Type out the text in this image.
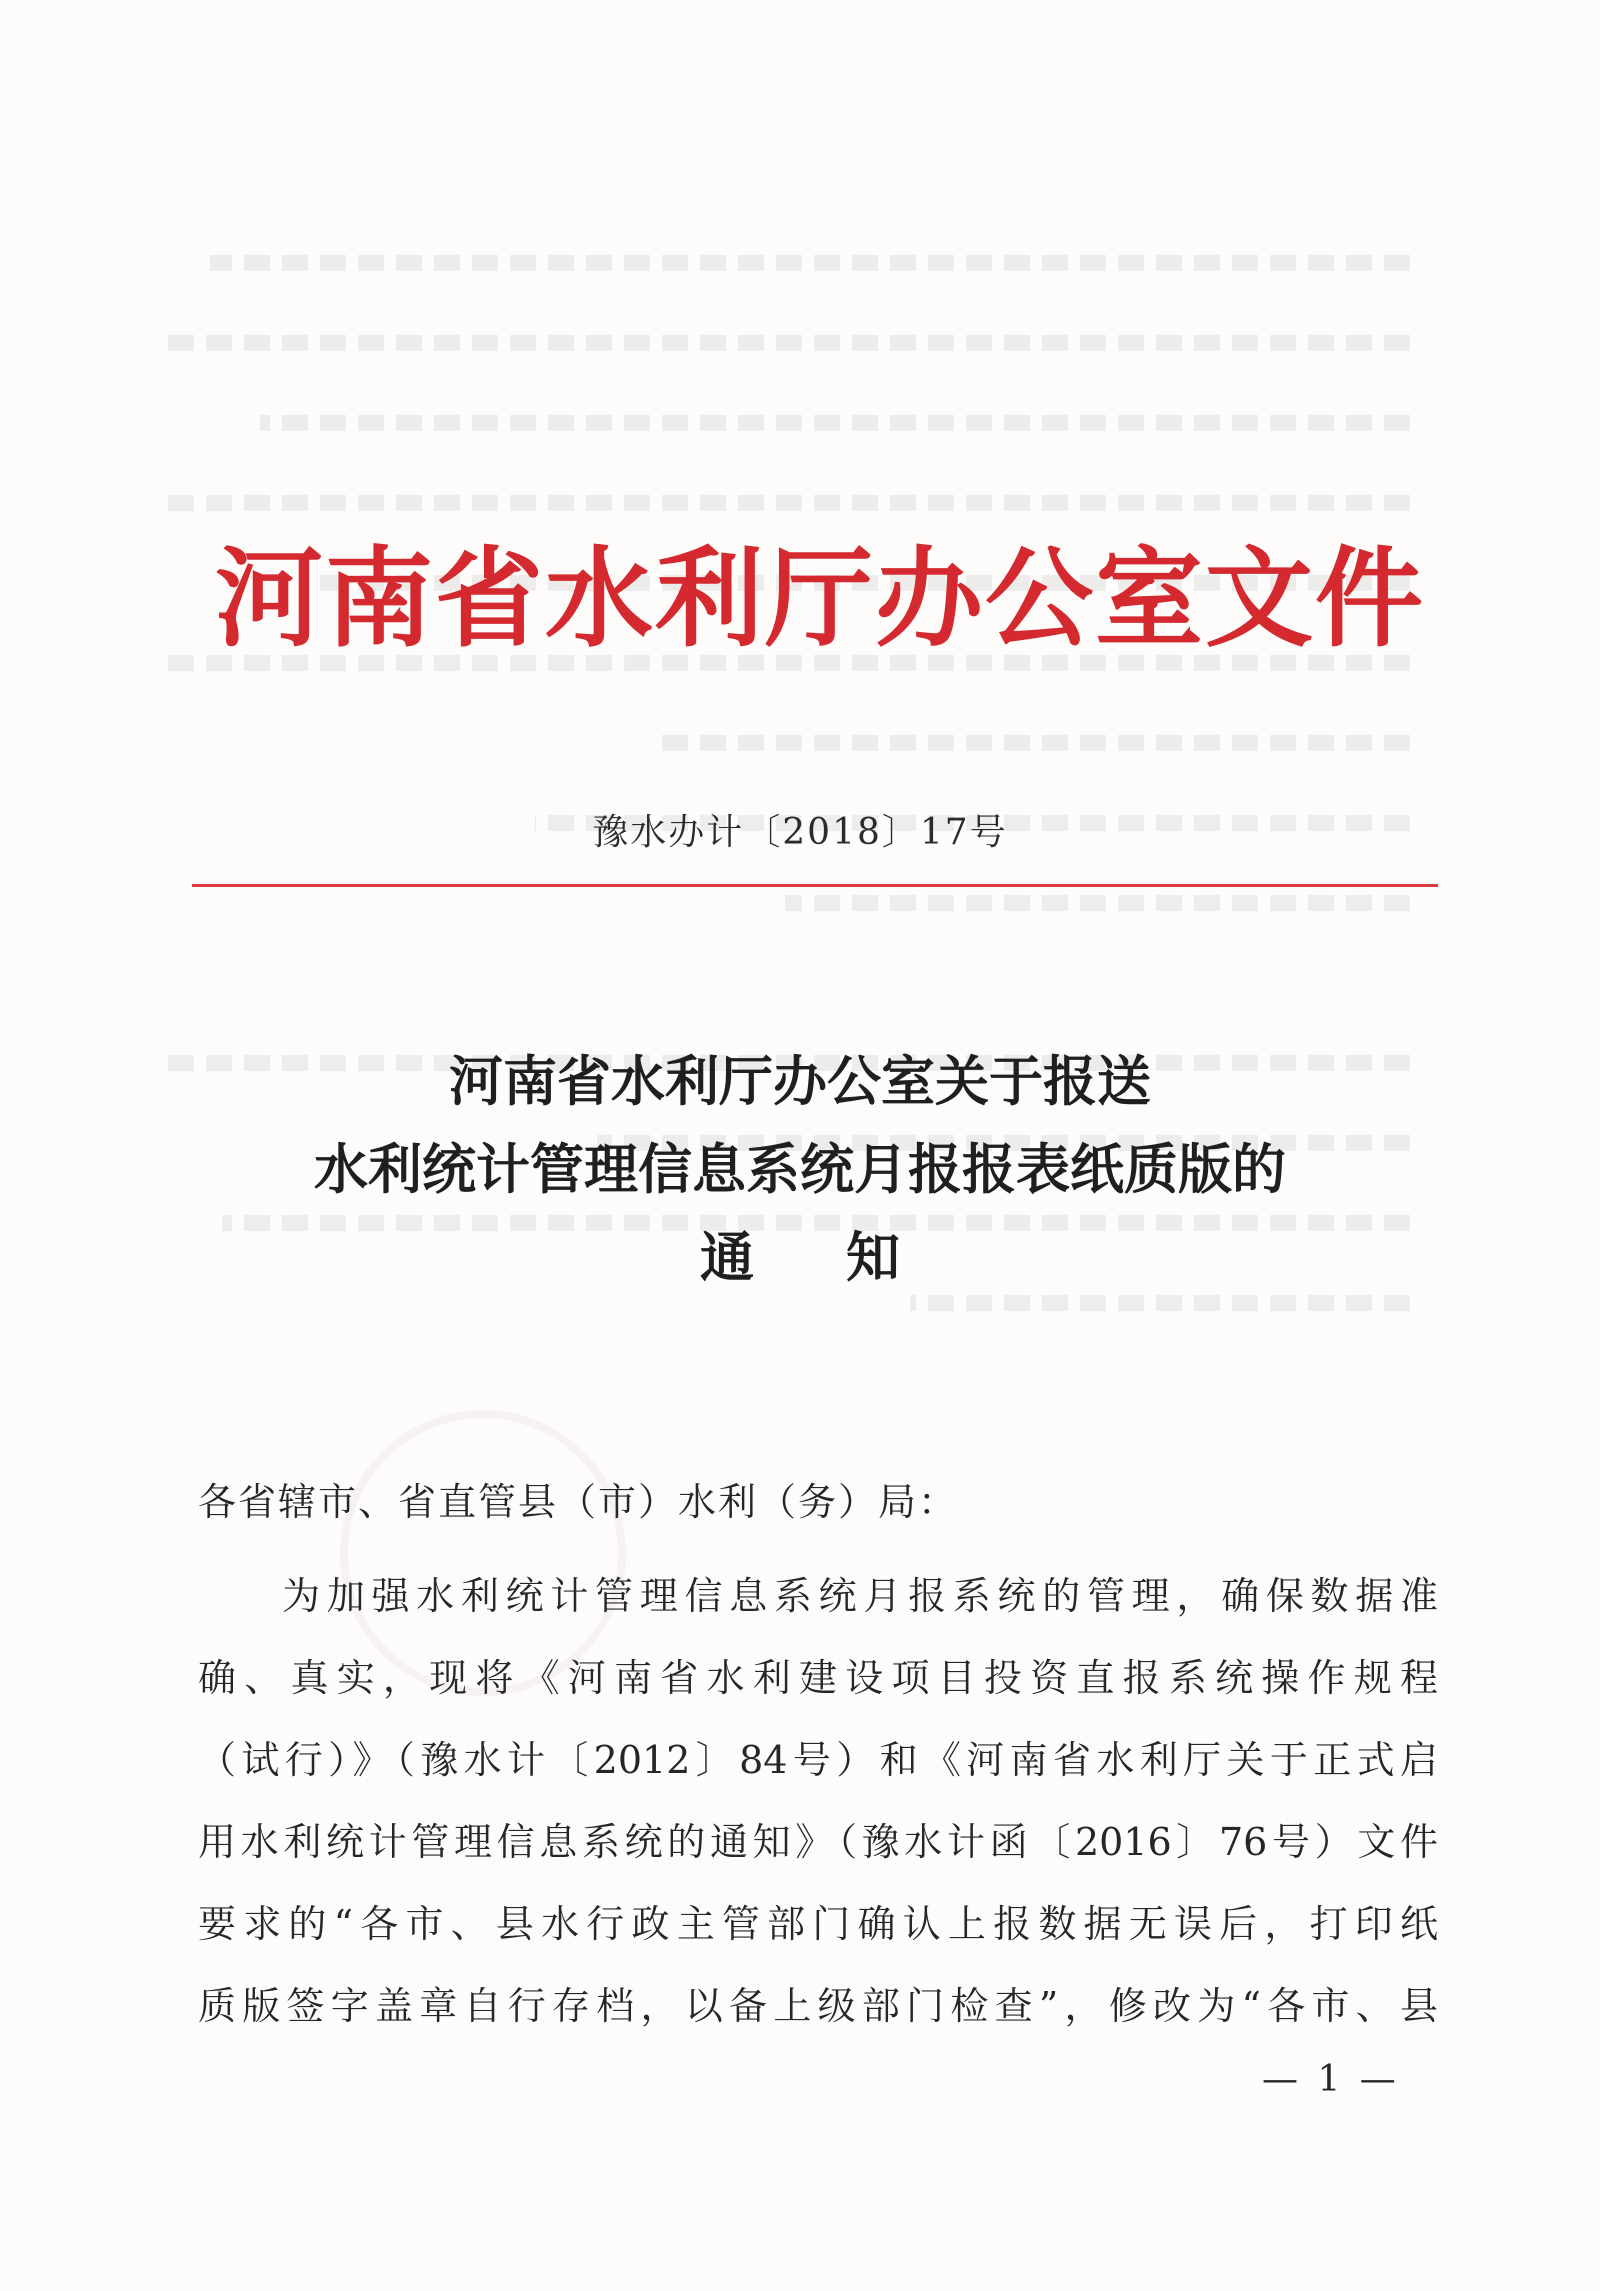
河南省水利厅办公室文件
豫水办计〔2018〕17号
河南省水利厅办公室关于报送
水利统计管理信息系统月报报表纸质版的
通知
各省辖市、省直管县（市）水利（务）局：
为加强水利统计管理信息系统月报系统的管理，确保数据准
确、真实，现将《河南省水利建设项目投资直报系统操作规程
（试行）》（豫水计〔2012〕84号）和《河南省水利厅关于正式启
用水利统计管理信息系统的通知》（豫水计函〔2016〕76号）文件
要求的“各市、县水行政主管部门确认上报数据无误后，打印纸
质版签字盖章自行存档，以备上级部门检查”，修改为“各市、县
— 1 —
